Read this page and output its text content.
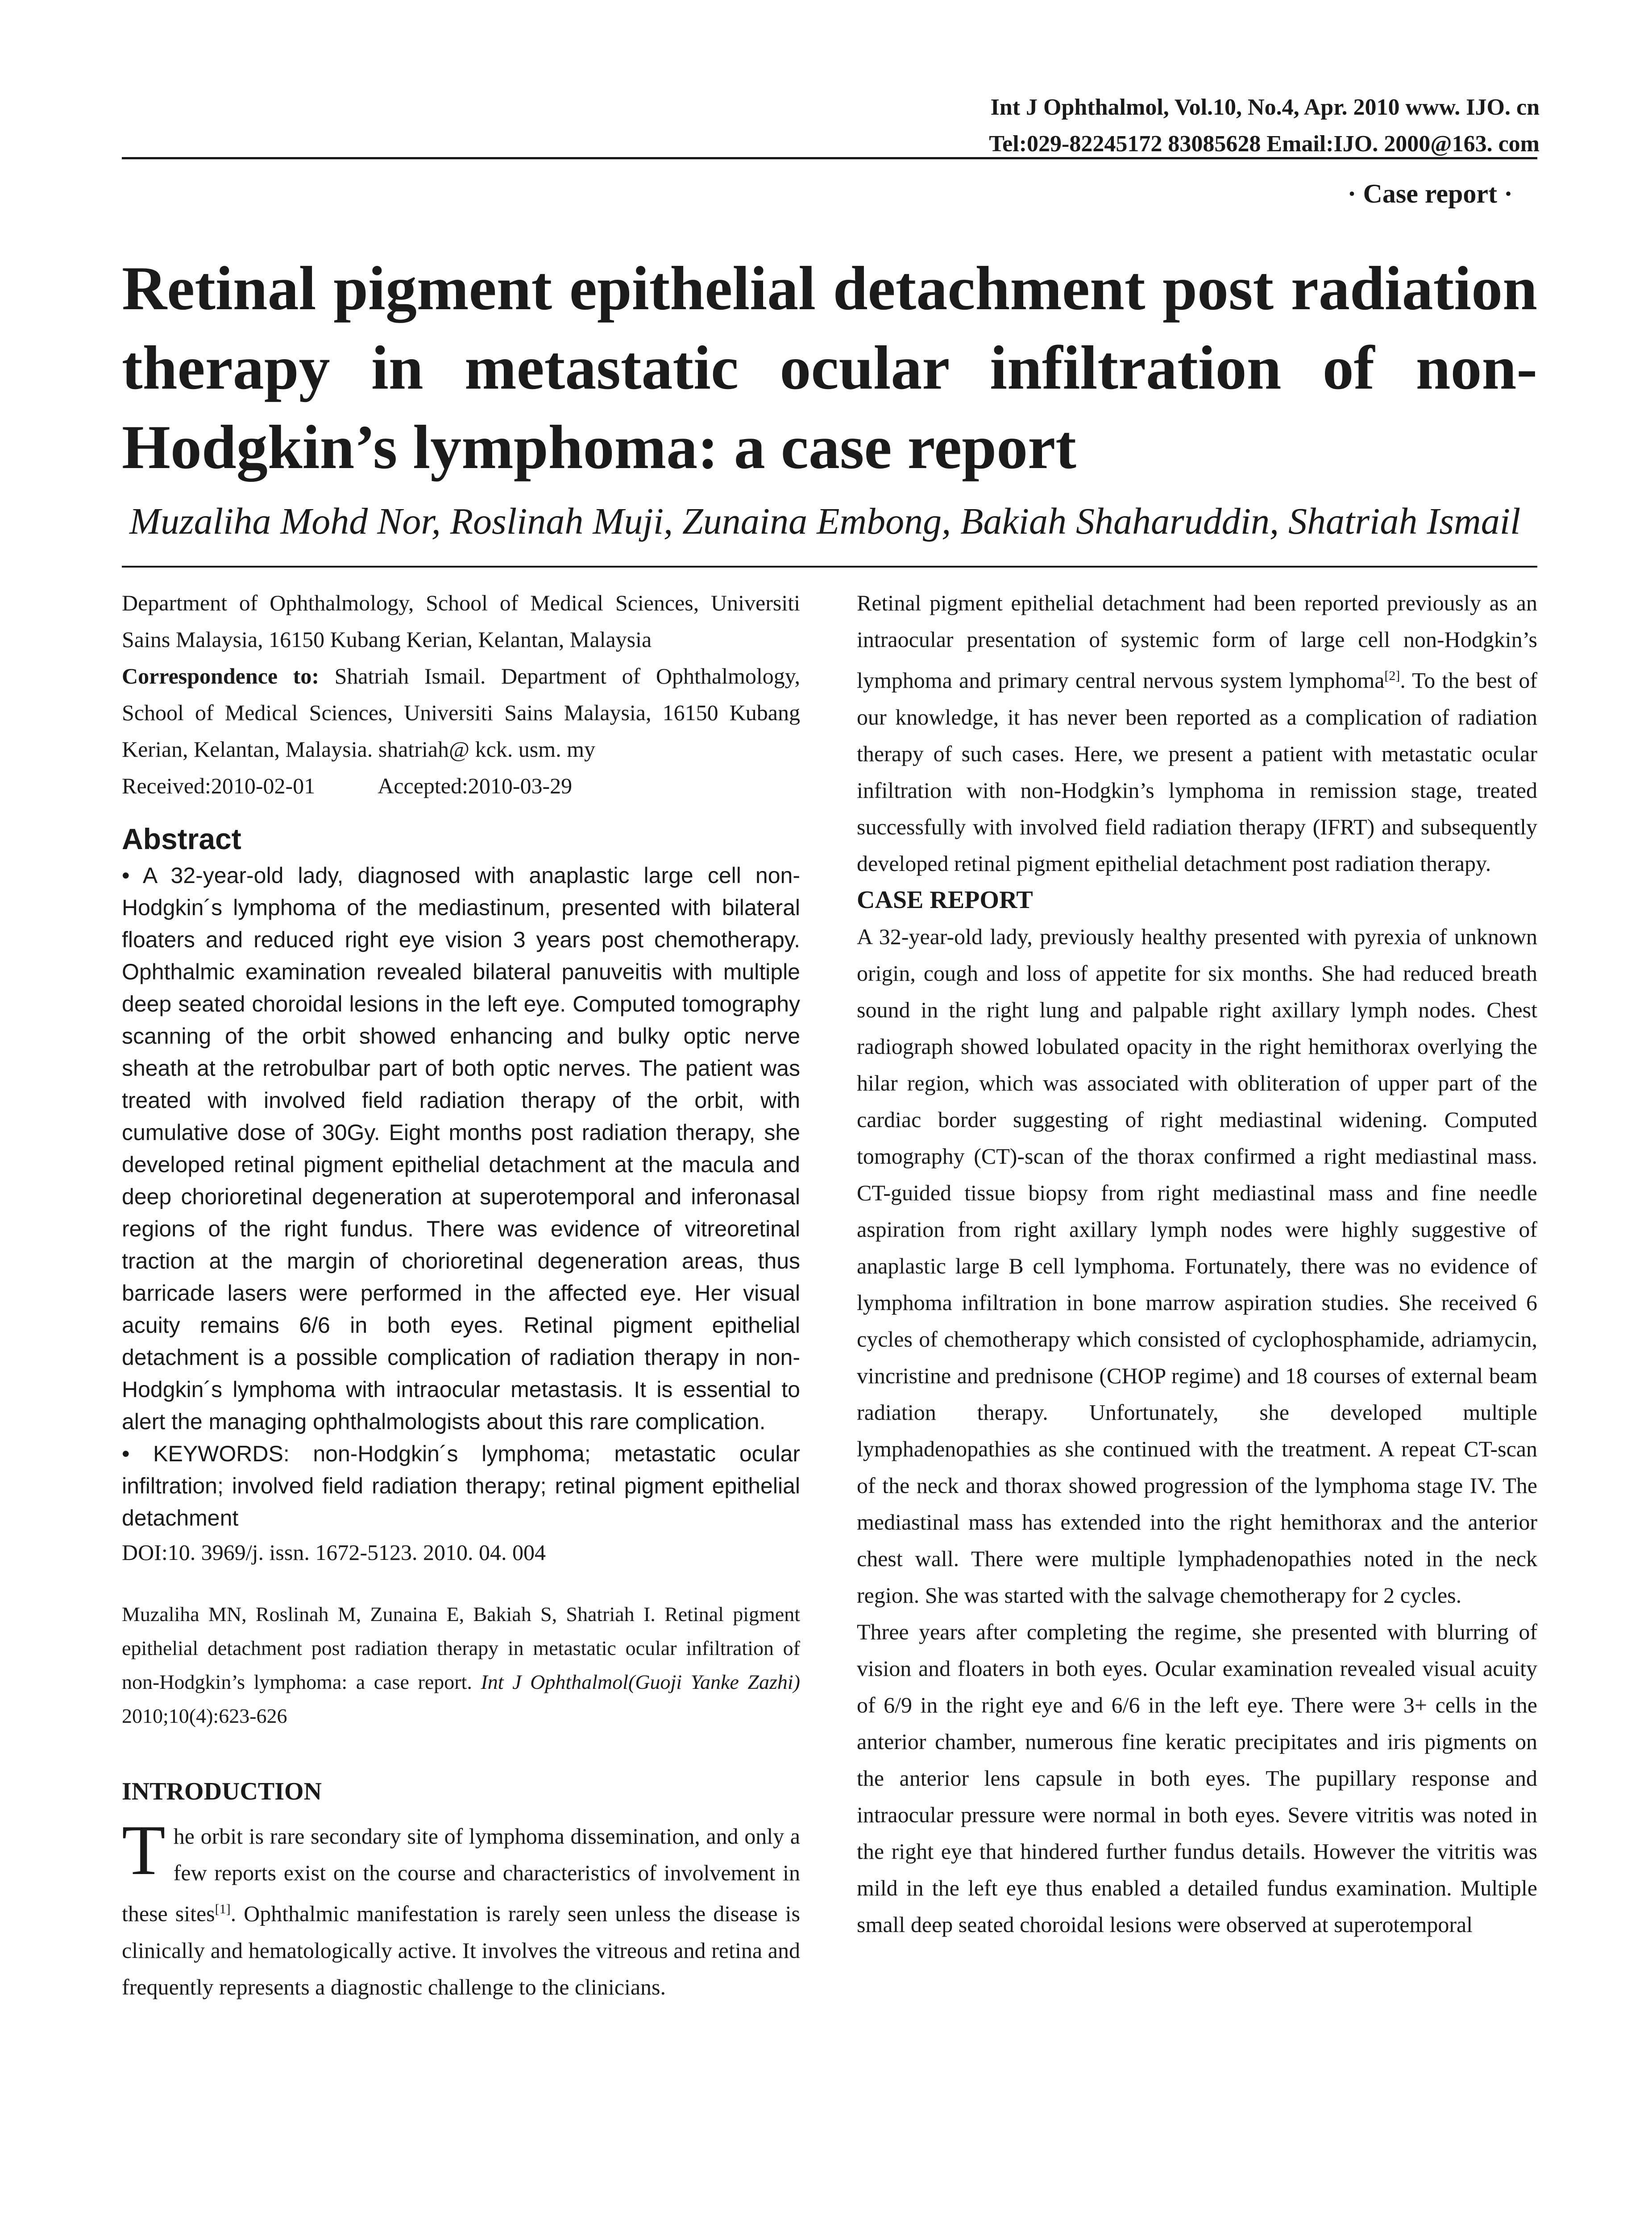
Int J Ophthalmol, Vol.10, No.4, Apr. 2010 www. IJO. cn
Tel:029-82245172 83085628 Email:IJO. 2000@163. com
· Case report ·
Retinal pigment epithelial detachment post radiation therapy in metastatic ocular infiltration of non-Hodgkin’s lymphoma: a case report

Muzaliha Mohd Nor, Roslinah Muji, Zunaina Embong, Bakiah Shaharuddin, Shatriah Ismail

Department of Ophthalmology, School of Medical Sciences, Universiti Sains Malaysia, 16150 Kubang Kerian, Kelantan, Malaysia

Correspondence to: Shatriah Ismail. Department of Ophthalmology, School of Medical Sciences, Universiti Sains Malaysia, 16150 Kubang Kerian, Kelantan, Malaysia. shatriah@ kck. usm. my

Received:2010-02-01	Accepted:2010-03-29

Abstract

• A 32-year-old lady, diagnosed with anaplastic large cell non-Hodgkin´s lymphoma of the mediastinum, presented with bilateral floaters and reduced right eye vision 3 years post chemotherapy. Ophthalmic examination revealed bilateral panuveitis with multiple deep seated choroidal lesions in the left eye. Computed tomography scanning of the orbit showed enhancing and bulky optic nerve sheath at the retrobulbar part of both optic nerves. The patient was treated with involved field radiation therapy of the orbit, with cumulative dose of 30Gy. Eight months post radiation therapy, she developed retinal pigment epithelial detachment at the macula and deep chorioretinal degeneration at superotemporal and inferonasal regions of the right fundus. There was evidence of vitreoretinal traction at the margin of chorioretinal degeneration areas, thus barricade lasers were performed in the affected eye. Her visual acuity remains 6/6 in both eyes. Retinal pigment epithelial detachment is a possible complication of radiation therapy in non-Hodgkin´s lymphoma with intraocular metastasis. It is essential to alert the managing ophthalmologists about this rare complication.

• KEYWORDS: non-Hodgkin´s lymphoma; metastatic ocular infiltration; involved field radiation therapy; retinal pigment epithelial detachment

DOI:10. 3969/j. issn. 1672-5123. 2010. 04. 004

Muzaliha MN, Roslinah M, Zunaina E, Bakiah S, Shatriah I. Retinal pigment epithelial detachment post radiation therapy in metastatic ocular infiltration of non-Hodgkin’s lymphoma: a case report. Int J Ophthalmol(Guoji Yanke Zazhi) 2010;10(4):623-626

INTRODUCTION

The orbit is rare secondary site of lymphoma dissemination, and only a few reports exist on the course and characteristics of involvement in these sites[1]. Ophthalmic manifestation is rarely seen unless the disease is clinically and hematologically active. It involves the vitreous and retina and frequently represents a diagnostic challenge to the clinicians.

Retinal pigment epithelial detachment had been reported previously as an intraocular presentation of systemic form of large cell non-Hodgkin’s lymphoma and primary central nervous system lymphoma[2]. To the best of our knowledge, it has never been reported as a complication of radiation therapy of such cases. Here, we present a patient with metastatic ocular infiltration with non-Hodgkin’s lymphoma in remission stage, treated successfully with involved field radiation therapy (IFRT) and subsequently developed retinal pigment epithelial detachment post radiation therapy.

CASE REPORT

A 32-year-old lady, previously healthy presented with pyrexia of unknown origin, cough and loss of appetite for six months. She had reduced breath sound in the right lung and palpable right axillary lymph nodes. Chest radiograph showed lobulated opacity in the right hemithorax overlying the hilar region, which was associated with obliteration of upper part of the cardiac border suggesting of right mediastinal widening. Computed tomography (CT)-scan of the thorax confirmed a right mediastinal mass. CT-guided tissue biopsy from right mediastinal mass and fine needle aspiration from right axillary lymph nodes were highly suggestive of anaplastic large B cell lymphoma. Fortunately, there was no evidence of lymphoma infiltration in bone marrow aspiration studies. She received 6 cycles of chemotherapy which consisted of cyclophosphamide, adriamycin, vincristine and prednisone (CHOP regime) and 18 courses of external beam radiation therapy. Unfortunately, she developed multiple lymphadenopathies as she continued with the treatment. A repeat CT-scan of the neck and thorax showed progression of the lymphoma stage IV. The mediastinal mass has extended into the right hemithorax and the anterior chest wall. There were multiple lymphadenopathies noted in the neck region. She was started with the salvage chemotherapy for 2 cycles.

Three years after completing the regime, she presented with blurring of vision and floaters in both eyes. Ocular examination revealed visual acuity of 6/9 in the right eye and 6/6 in the left eye. There were 3+ cells in the anterior chamber, numerous fine keratic precipitates and iris pigments on the anterior lens capsule in both eyes. The pupillary response and intraocular pressure were normal in both eyes. Severe vitritis was noted in the right eye that hindered further fundus details. However the vitritis was mild in the left eye thus enabled a detailed fundus examination. Multiple small deep seated choroidal lesions were observed at superotemporal
